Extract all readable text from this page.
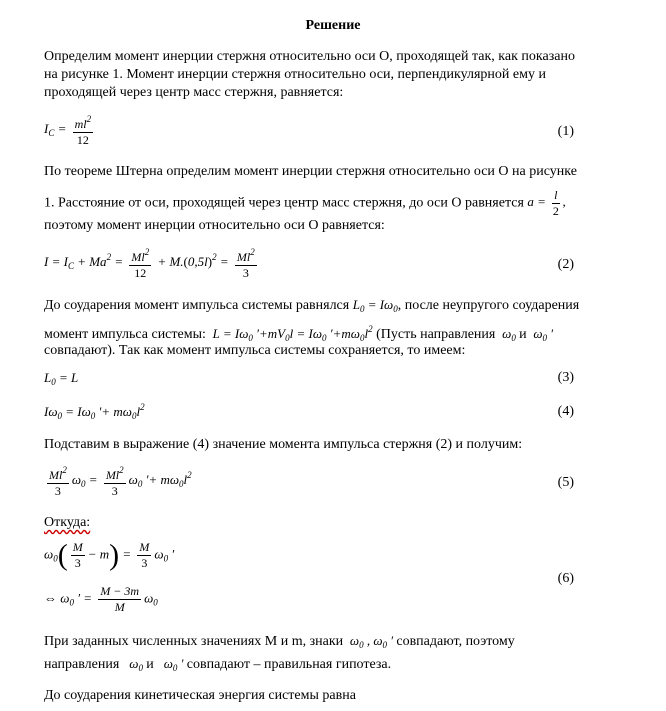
Решение
Определим момент инерции стержня относительно оси О, проходящей так, как показано
на рисунке 1. Момент инерции стержня относительно оси, перпендикулярной ему и
проходящей через центр масс стержня, равняется:
$I_C = \frac{ml^2}{12}$	(1)
По теореме Штерна определим момент инерции стержня относительно оси О на рисунке
1. Расстояние от оси, проходящей через центр масс стержня, до оси О равняется $a = \frac{l}{2}$ ,
поэтому момент инерции относительно оси О равняется:
$I = I_C + Ma^2 = \frac{Ml^2}{12} + M.(0,5l)^2 = \frac{Ml^2}{3}$	(2)
До соударения момент импульса системы равнялся $L_0 = I\omega_0$, после неупругого соударения
момент импульса системы:  $L = I\omega_0$ $'+mV_0l = I\omega_0$ $'+m\omega_0l^2$ (Пусть направления  $\omega_0$ и  $\omega_0$ ′
совпадают). Так как момент импульса системы сохраняется, то имеем:
$L_0 = L$	(3)
$I\omega_0 = I\omega_0$ ′+ $m\omega_0l^2$	(4)
Подставим в выражение (4) значение момента импульса стержня (2) и получим:
$\frac{Ml^2}{3} \omega_0 = \frac{Ml^2}{3} \omega_0$ ′+ $m\omega_0l^2$
(5)
Откуда:
$\omega_0( \frac{M}{3} - m) = \frac{M}{3} \omega_0$ ′
⇔ $\omega_0$ ′ = $\frac{M - 3m}{M} \omega_0$
(6)
При заданных численных значениях М и m, знаки  $\omega_0$ , $\omega_0$ ′ совпадают, поэтому
направления   $\omega_0$ и   $\omega_0$ ′ совпадают – правильная гипотеза.
До соударения кинетическая энергия системы равна
